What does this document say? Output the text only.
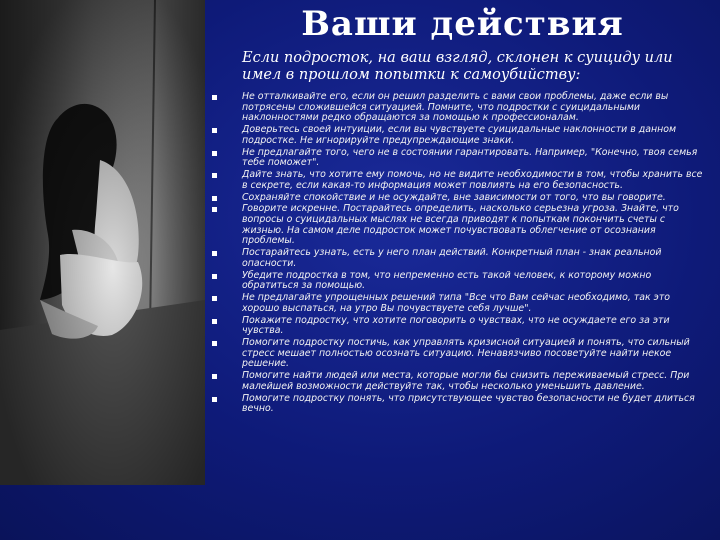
Ваши действия
Если подросток, на ваш взгляд, склонен к суициду или имел в прошлом попытки к самоубийству:
Не отталкивайте его, если он решил разделить с вами свои проблемы, даже если вы потрясены сложившейся ситуацией. Помните, что подростки с суицидальными наклонностями редко обращаются за помощью к профессионалам.
Доверьтесь своей интуиции, если вы чувствуете суицидальные наклонности в данном подростке. Не игнорируйте предупреждающие знаки.
Не предлагайте того, чего не в состоянии гарантировать. Например, "Конечно, твоя семья тебе поможет".
Дайте знать, что хотите ему помочь, но не видите необходимости в том, чтобы хранить все в секрете, если какая-то информация может повлиять на его безопасность.
Сохраняйте спокойствие и не осуждайте, вне зависимости от того, что вы говорите.
Говорите искренне. Постарайтесь определить, насколько серьезна угроза. Знайте, что вопросы о суицидальных мыслях не всегда приводят к попыткам покончить счеты с жизнью. На самом деле подросток может почувствовать облегчение от осознания проблемы.
Постарайтесь узнать, есть у него план действий. Конкретный план - знак реальной опасности.
Убедите подростка в том, что непременно есть такой человек, к которому можно обратиться за помощью.
Не предлагайте упрощенных решений типа "Все что Вам сейчас необходимо, так это хорошо выспаться, на утро Вы почувствуете себя лучше".
Покажите подростку, что хотите поговорить о чувствах, что не осуждаете его за эти чувства.
Помогите подростку постичь, как управлять кризисной ситуацией и понять, что сильный стресс мешает полностью осознать ситуацию. Ненавязчиво посоветуйте найти некое решение.
Помогите найти людей или места, которые могли бы снизить переживаемый стресс. При малейшей возможности действуйте так, чтобы несколько уменьшить давление.
Помогите подростку понять, что присутствующее чувство безопасности не будет длиться вечно.
